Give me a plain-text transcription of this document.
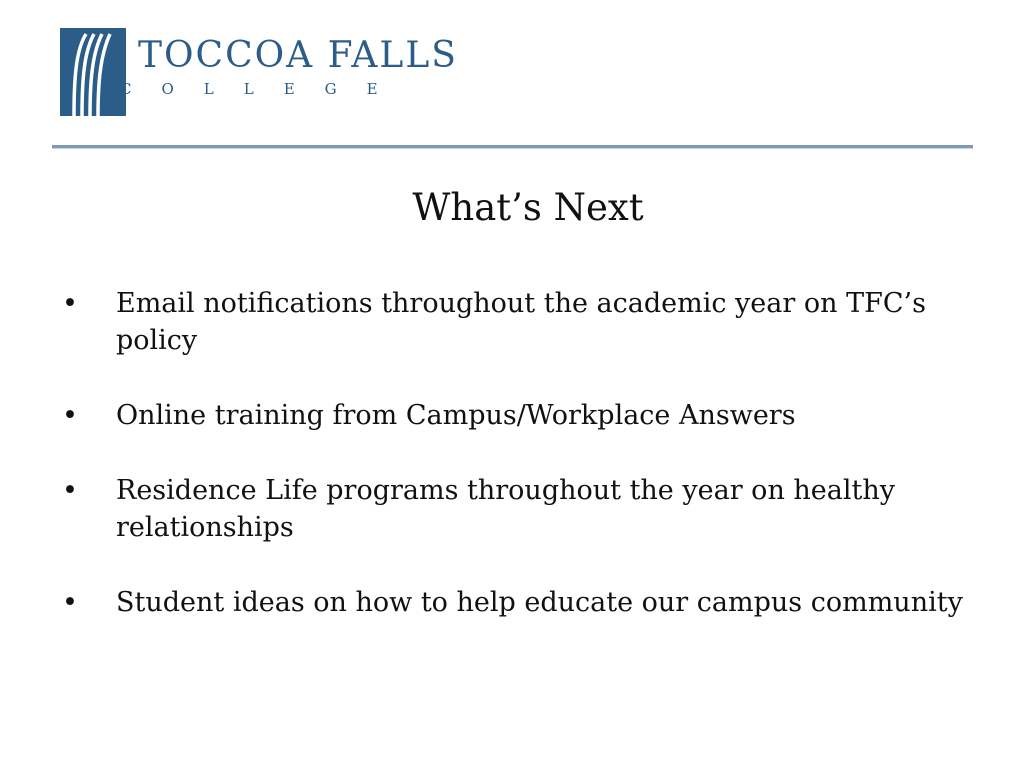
TOCCOA FALLS
COLLEGE
What’s Next
• Email notifications throughout the academic year on TFC’s policy
• Online training from Campus/Workplace Answers
• Residence Life programs throughout the year on healthy relationships
• Student ideas on how to help educate our campus community
